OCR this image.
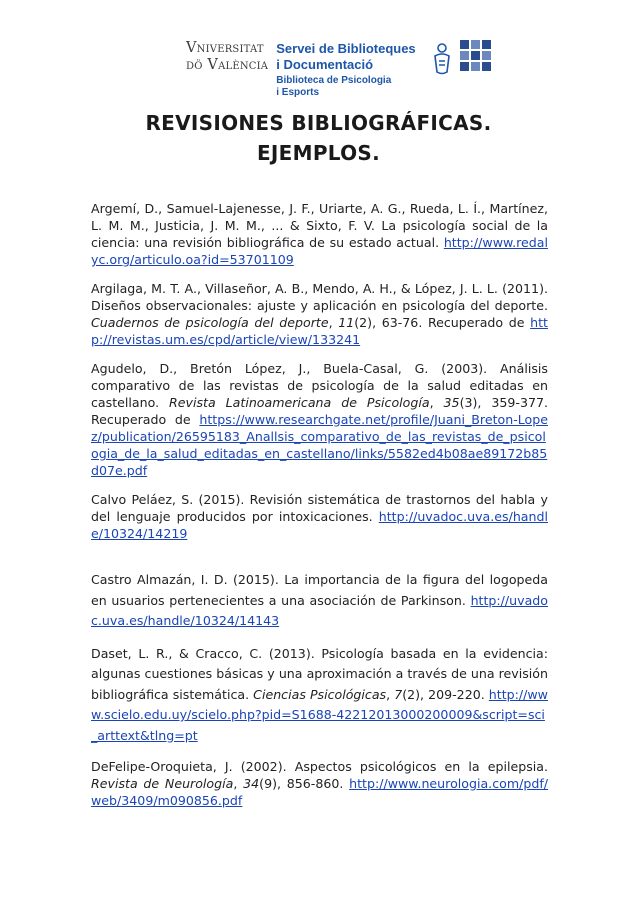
Vniversitat
dö València
Servei de Biblioteques
i Documentació
Biblioteca de Psicologia
i Esports
REVISIONES BIBLIOGRÁFICAS.
EJEMPLOS.

Argemí, D., Samuel-Lajenesse, J. F., Uriarte, A. G., Rueda, L. Í., Martínez, L. M. M., Justicia, J. M. M., ... & Sixto, F. V. La psicología social de la ciencia: una revisión bibliográfica de su estado actual. http://www.redalyc.org/articulo.oa?id=53701109

Argilaga, M. T. A., Villaseñor, A. B., Mendo, A. H., & López, J. L. L. (2011). Diseños observacionales: ajuste y aplicación en psicología del deporte. Cuadernos de psicología del deporte, 11(2), 63-76. Recuperado de http://revistas.um.es/cpd/article/view/133241

Agudelo, D., Bretón López, J., Buela-Casal, G. (2003). Análisis comparativo de las revistas de psicología de la salud editadas en castellano. Revista Latinoamericana de Psicología, 35(3), 359-377. Recuperado de https://www.researchgate.net/profile/Juani_Breton-Lopez/publication/26595183_Anallsis_comparativo_de_las_revistas_de_psicologia_de_la_salud_editadas_en_castellano/links/5582ed4b08ae89172b85d07e.pdf

Calvo Peláez, S. (2015). Revisión sistemática de trastornos del habla y del lenguaje producidos por intoxicaciones. http://uvadoc.uva.es/handle/10324/14219

Castro Almazán, I. D. (2015). La importancia de la figura del logopeda en usuarios pertenecientes a una asociación de Parkinson. http://uvadoc.uva.es/handle/10324/14143

Daset, L. R., & Cracco, C. (2013). Psicología basada en la evidencia: algunas cuestiones básicas y una aproximación a través de una revisión bibliográfica sistemática. Ciencias Psicológicas, 7(2), 209-220. http://www.scielo.edu.uy/scielo.php?pid=S1688-42212013000200009&script=sci_arttext&tlng=pt

DeFelipe-Oroquieta, J. (2002). Aspectos psicológicos en la epilepsia. Revista de Neurología, 34(9), 856-860. http://www.neurologia.com/pdf/web/3409/m090856.pdf
